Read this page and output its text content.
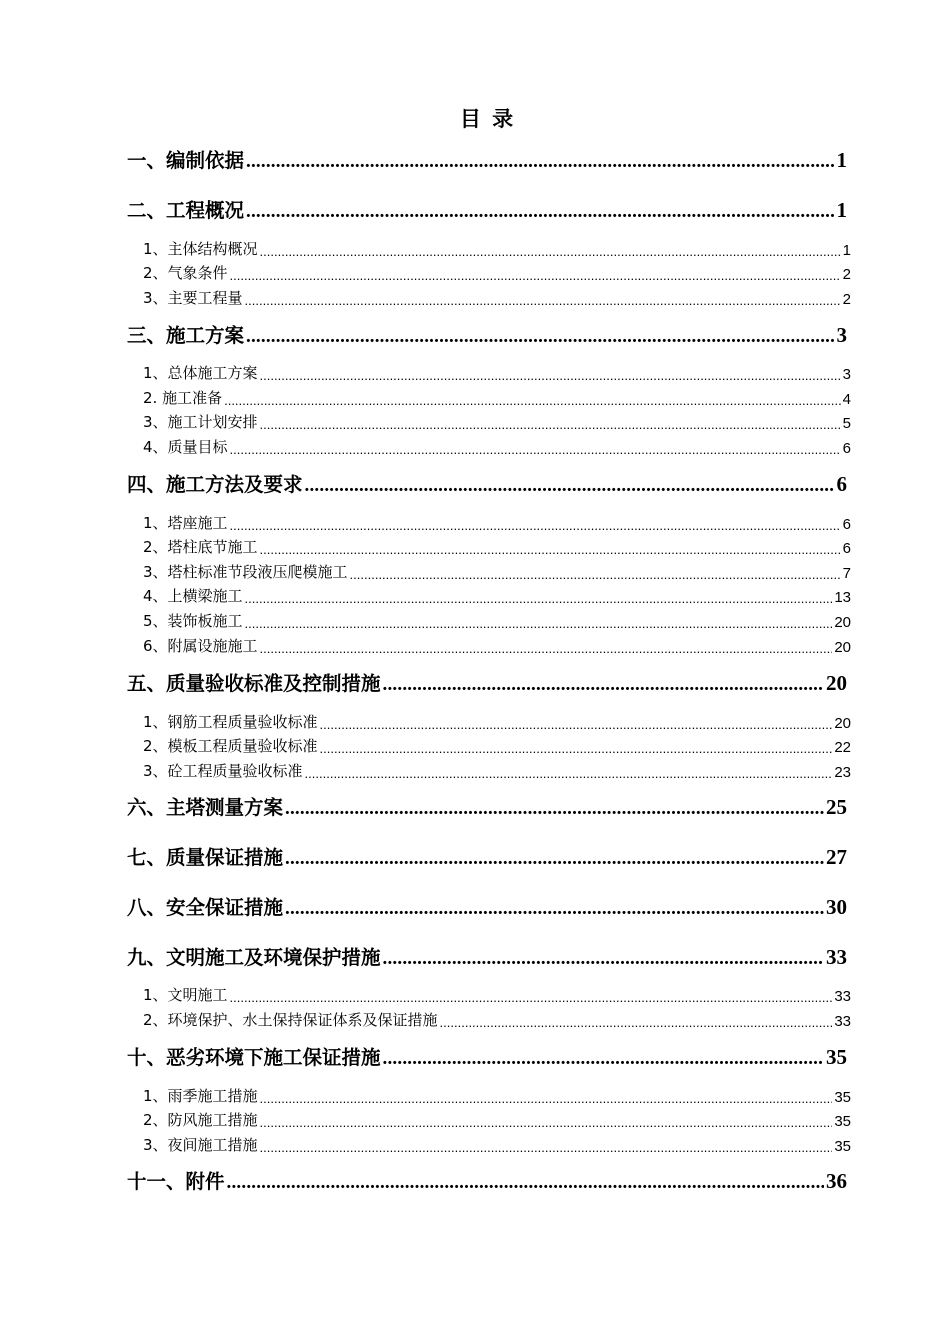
目 录
一、编制依据 .....	1
二、工程概况 .....	1
1、主体结构概况 .....	1
2、气象条件 .....	2
3、主要工程量 .....	2
三、施工方案 .....	3
1、总体施工方案 .....	3
2. 施工准备 .....	4
3、施工计划安排 .....	5
4、质量目标 .....	6
四、施工方法及要求 .....	6
1、塔座施工 .....	6
2、塔柱底节施工 .....	6
3、塔柱标准节段液压爬模施工 .....	7
4、上横梁施工 .....	13
5、装饰板施工 .....	20
6、附属设施施工 .....	20
五、质量验收标准及控制措施 .....	20
1、钢筋工程质量验收标准 .....	20
2、模板工程质量验收标准 .....	22
3、砼工程质量验收标准 .....	23
六、主塔测量方案 .....	25
七、质量保证措施 .....	27
八、安全保证措施 .....	30
九、文明施工及环境保护措施 .....	33
1、文明施工 .....	33
2、环境保护、水土保持保证体系及保证措施 .....	33
十、恶劣环境下施工保证措施 .....	35
1、雨季施工措施 .....	35
2、防风施工措施 .....	35
3、夜间施工措施 .....	35
十一、附件 .....	36
